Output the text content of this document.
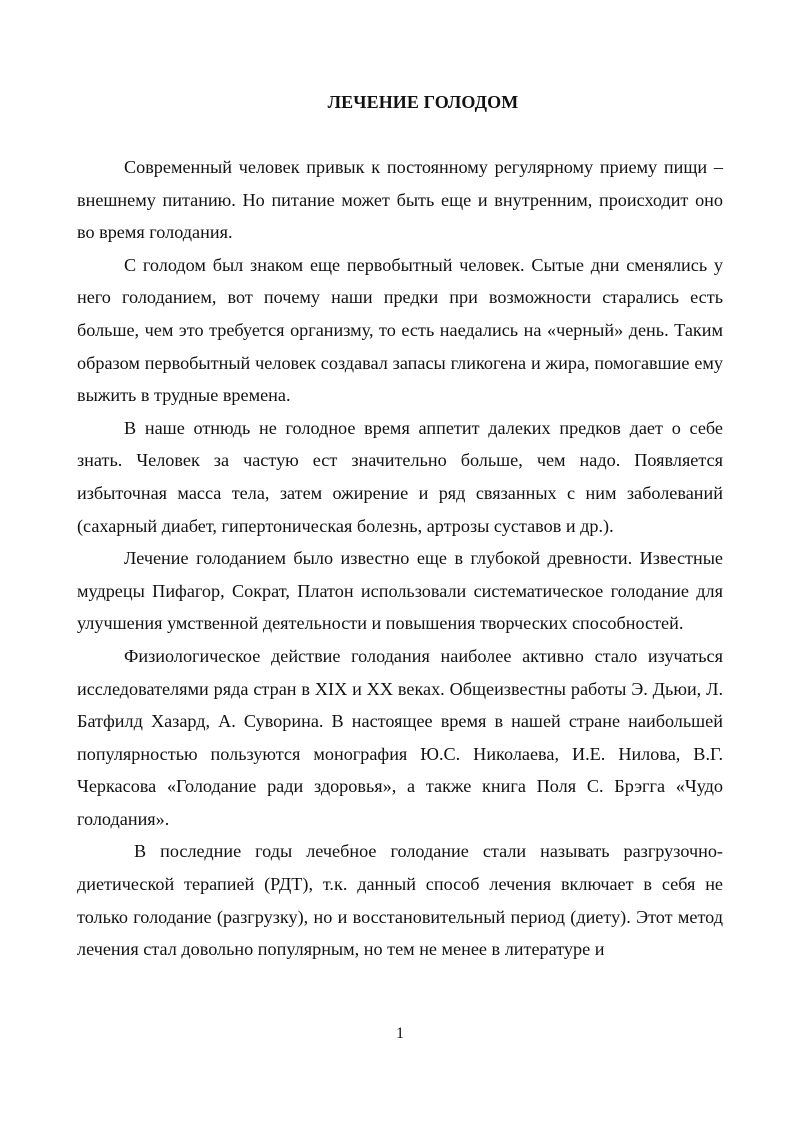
ЛЕЧЕНИЕ ГОЛОДОМ

Современный человек привык к постоянному регулярному приему пищи – внешнему питанию. Но питание может быть еще и внутренним, происходит оно во время голодания.

С голодом был знаком еще первобытный человек. Сытые дни сменялись у него голоданием, вот почему наши предки при возможности старались есть больше, чем это требуется организму, то есть наедались на «черный» день. Таким образом первобытный человек создавал запасы гликогена и жира, помогавшие ему выжить в трудные времена.

В наше отнюдь не голодное время аппетит далеких предков дает о себе знать. Человек за частую ест значительно больше, чем надо. Появляется избыточная масса тела, затем ожирение и ряд связанных с ним заболеваний (сахарный диабет, гипертоническая болезнь, артрозы суставов и др.).

Лечение голоданием было известно еще в глубокой древности. Известные мудрецы Пифагор, Сократ, Платон использовали систематическое голодание для улучшения умственной деятельности и повышения творческих способностей.

Физиологическое действие голодания наиболее активно стало изучаться исследователями ряда стран в XIX и XX веках. Общеизвестны работы Э. Дьюи, Л. Батфилд Хазард, А. Суворина. В настоящее время в нашей стране наибольшей популярностью пользуются монография Ю.С. Николаева, И.Е. Нилова, В.Г. Черкасова «Голодание ради здоровья», а также книга Поля С. Брэгга «Чудо голодания».

В последние годы лечебное голодание стали называть разгрузочно-диетической терапией (РДТ), т.к. данный способ лечения включает в себя не только голодание (разгрузку), но и восстановительный период (диету). Этот метод лечения стал довольно популярным, но тем не менее в литературе и

1
